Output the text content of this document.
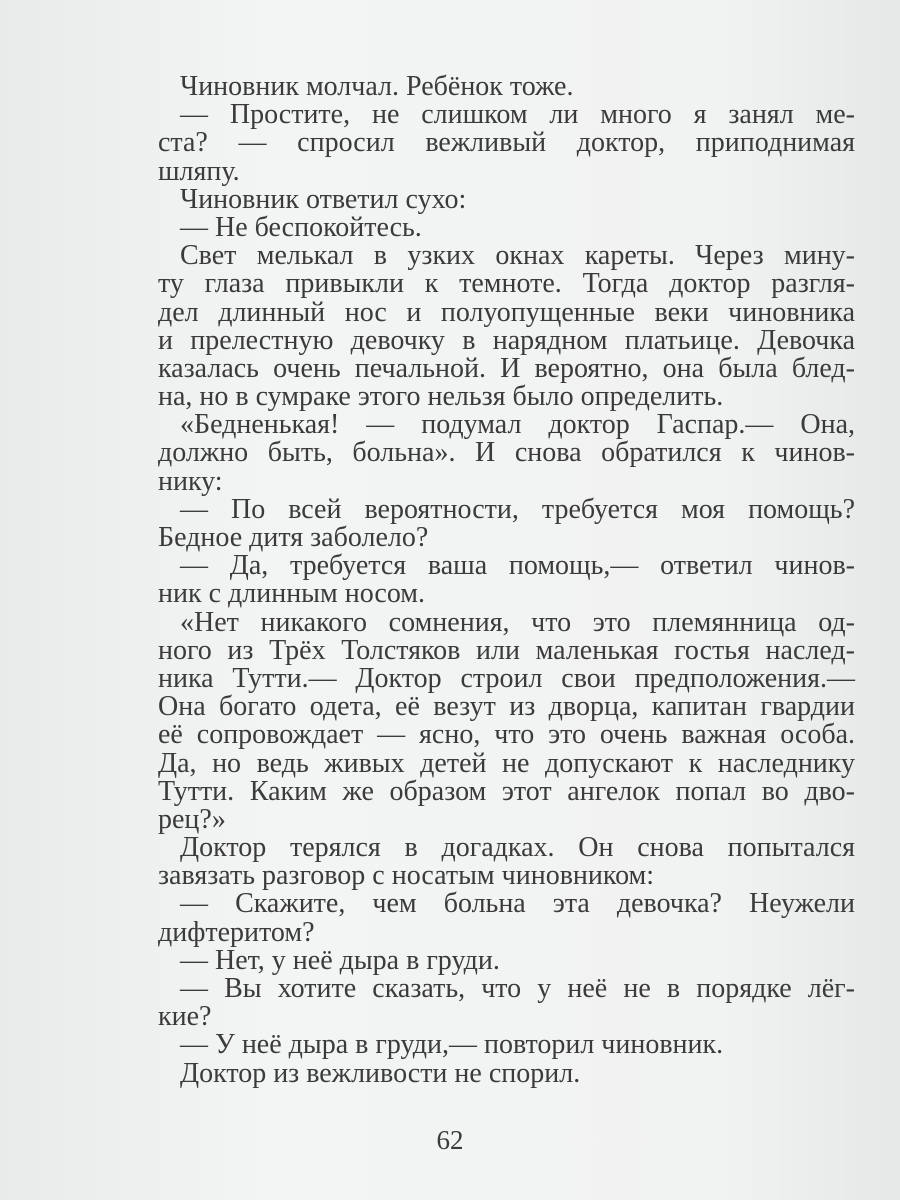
Чиновник молчал. Ребёнок тоже.
— Простите, не слишком ли много я занял ме-
ста? — спросил вежливый доктор, приподнимая
шляпу.
Чиновник ответил сухо:
— Не беспокойтесь.
Свет мелькал в узких окнах кареты. Через мину-
ту глаза привыкли к темноте. Тогда доктор разгля-
дел длинный нос и полуопущенные веки чиновника
и прелестную девочку в нарядном платьице. Девочка
казалась очень печальной. И вероятно, она была блед-
на, но в сумраке этого нельзя было определить.
«Бедненькая! — подумал доктор Гаспар.— Она,
должно быть, больна». И снова обратился к чинов-
нику:
— По всей вероятности, требуется моя помощь?
Бедное дитя заболело?
— Да, требуется ваша помощь,— ответил чинов-
ник с длинным носом.
«Нет никакого сомнения, что это племянница од-
ного из Трёх Толстяков или маленькая гостья наслед-
ника Тутти.— Доктор строил свои предположения.—
Она богато одета, её везут из дворца, капитан гвардии
её сопровождает — ясно, что это очень важная особа.
Да, но ведь живых детей не допускают к наследнику
Тутти. Каким же образом этот ангелок попал во дво-
рец?»
Доктор терялся в догадках. Он снова попытался
завязать разговор с носатым чиновником:
— Скажите, чем больна эта девочка? Неужели
дифтеритом?
— Нет, у неё дыра в груди.
— Вы хотите сказать, что у неё не в порядке лёг-
кие?
— У неё дыра в груди,— повторил чиновник.
Доктор из вежливости не спорил.
62
